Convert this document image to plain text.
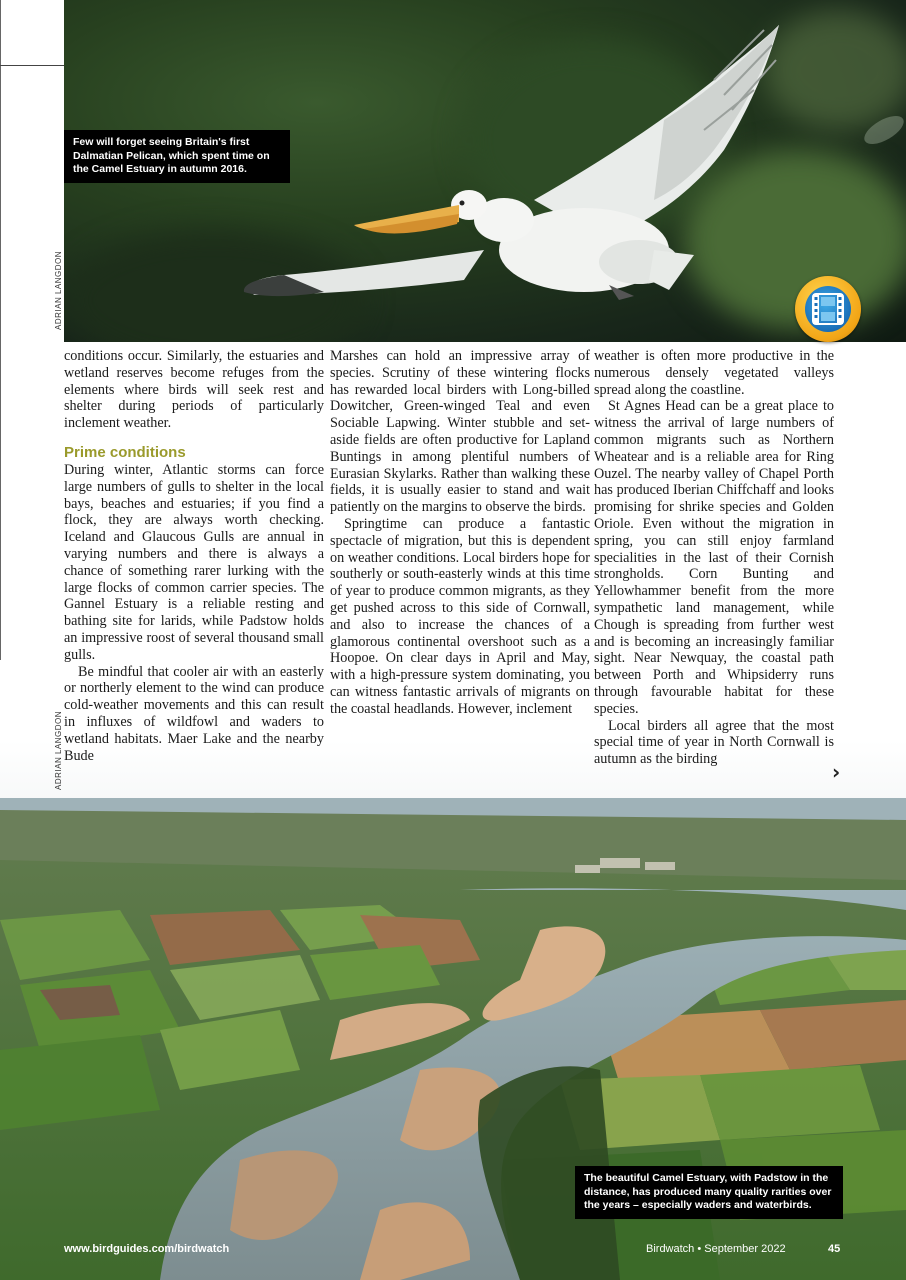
Few will forget seeing Britain's first Dalmatian Pelican, which spent time on the Camel Estuary in autumn 2016.
ADRIAN LANGDON

conditions occur. Similarly, the estuaries and wetland reserves become refuges from the elements where birds will seek rest and shelter during periods of particularly inclement weather.

Prime conditions

During winter, Atlantic storms can force large numbers of gulls to shelter in the local bays, beaches and estuaries; if you find a flock, they are always worth checking. Iceland and Glaucous Gulls are annual in varying numbers and there is always a chance of something rarer lurking with the large flocks of common carrier species. The Gannel Estuary is a reliable resting and bathing site for larids, while Padstow holds an impressive roost of several thousand small gulls.

Be mindful that cooler air with an easterly or northerly element to the wind can produce cold-weather movements and this can result in influxes of wildfowl and waders to wetland habitats. Maer Lake and the nearby Bude

Marshes can hold an impressive array of species. Scrutiny of these wintering flocks has rewarded local birders with Long-billed Dowitcher, Green-winged Teal and even Sociable Lapwing. Winter stubble and set-aside fields are often productive for Lapland Buntings in among plentiful numbers of Eurasian Skylarks. Rather than walking these fields, it is usually easier to stand and wait patiently on the margins to observe the birds.

Springtime can produce a fantastic spectacle of migration, but this is dependent on weather conditions. Local birders hope for southerly or south-easterly winds at this time of year to produce common migrants, as they get pushed across to this side of Cornwall, and also to increase the chances of a glamorous continental overshoot such as a Hoopoe. On clear days in April and May, with a high-pressure system dominating, you can witness fantastic arrivals of migrants on the coastal headlands. However, inclement

weather is often more productive in the numerous densely vegetated valleys spread along the coastline.

St Agnes Head can be a great place to witness the arrival of large numbers of common migrants such as Northern Wheatear and is a reliable area for Ring Ouzel. The nearby valley of Chapel Porth has produced Iberian Chiffchaff and looks promising for shrike species and Golden Oriole. Even without the migration in spring, you can still enjoy farmland specialities in the last of their Cornish strongholds. Corn Bunting and Yellowhammer benefit from the more sympathetic land management, while Chough is spreading from further west and is becoming an increasingly familiar sight. Near Newquay, the coastal path between Porth and Whipsiderry runs through favourable habitat for these species.

Local birders all agree that the most special time of year in North Cornwall is autumn as the birding

ADRIAN LANGDON	›
The beautiful Camel Estuary, with Padstow in the distance, has produced many quality rarities over the years – especially waders and waterbirds.
www.birdguides.com/birdwatch	Birdwatch • September 2022	45
